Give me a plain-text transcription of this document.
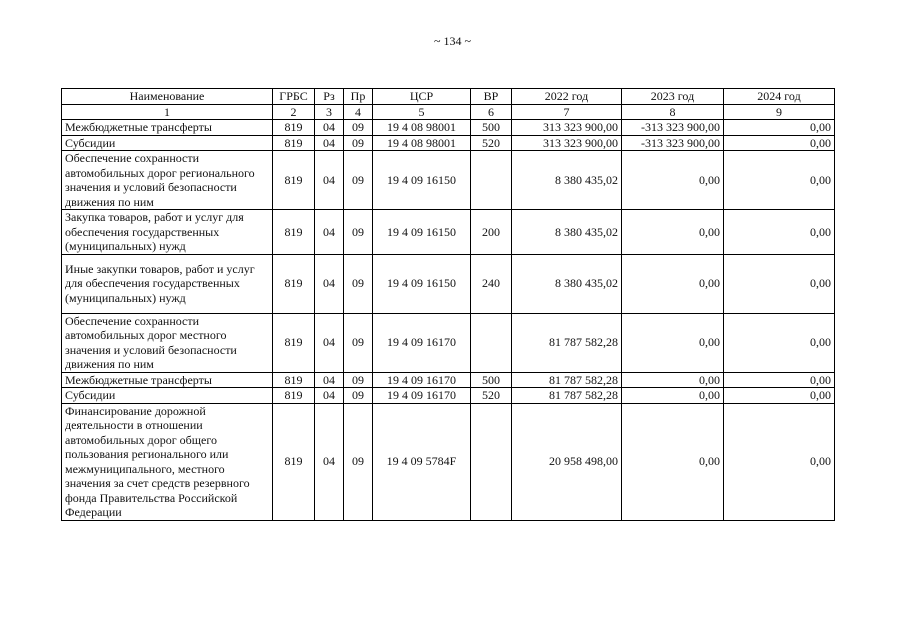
~ 134 ~
Наименование	ГРБС	Рз	Пр	ЦСР	ВР	2022 год	2023 год	2024 год
1	2	3	4	5	6	7	8	9
Межбюджетные трансферты	819	04	09	19 4 08 98001	500	313 323 900,00	-313 323 900,00	0,00
Субсидии	819	04	09	19 4 08 98001	520	313 323 900,00	-313 323 900,00	0,00
Обеспечение сохранности автомобильных дорог регионального значения и условий безопасности движения по ним	819	04	09	19 4 09 16150		8 380 435,02	0,00	0,00
Закупка товаров, работ и услуг для обеспечения государственных (муниципальных) нужд	819	04	09	19 4 09 16150	200	8 380 435,02	0,00	0,00
Иные закупки товаров, работ и услуг для обеспечения государственных (муниципальных) нужд	819	04	09	19 4 09 16150	240	8 380 435,02	0,00	0,00
Обеспечение сохранности автомобильных дорог местного значения и условий безопасности движения по ним	819	04	09	19 4 09 16170		81 787 582,28	0,00	0,00
Межбюджетные трансферты	819	04	09	19 4 09 16170	500	81 787 582,28	0,00	0,00
Субсидии	819	04	09	19 4 09 16170	520	81 787 582,28	0,00	0,00
Финансирование дорожной деятельности в отношении автомобильных дорог общего пользования регионального или межмуниципального, местного значения за счет средств резервного фонда Правительства Российской Федерации	819	04	09	19 4 09 5784F		20 958 498,00	0,00	0,00
